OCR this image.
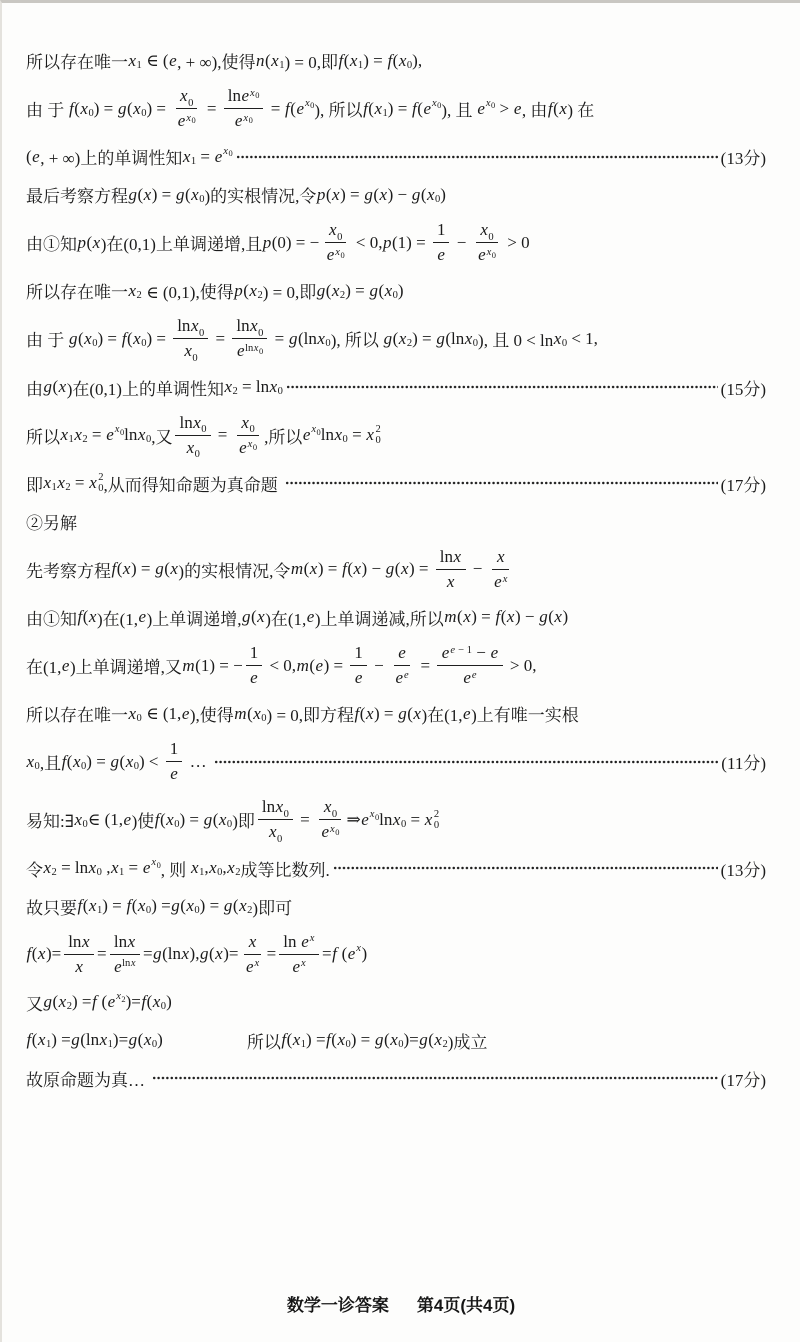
所以存在唯一 x 1 ∈ ( e , + ∞),使得 n ( x 1 ) = 0,即 f ( x 1 ) = f ( x 0 ),
由 于 f ( x 0 ) = g ( x 0 ) = $\frac{x_0}{e^{x_0}} = \frac{\ln e^{x_0}}{e^{x_0}} = f$ ( e $x_0$ ), 所以 f ( x 1 ) = f ( e $x_0$ ), 且 e $x_0 > e$ , 由 f ( x ) 在
( e , + ∞)上的单调性知 x 1 = e $x_0$	(13分)
最后考察方程 g ( x ) = g ( x 0 )的实根情况,令 p ( x ) = g ( x ) − g ( x 0 )
由①知 p ( x )在(0,1)上单调递增,且 p (0) = − $\frac{x_0}{e^{x_0}} < 0$, p $(1) = \frac{1}{e} - \frac{x_0}{e^{x_0}} > 0$
所以存在唯一 x 2 ∈ (0,1),使得 p ( x 2 ) = 0,即 g ( x 2 ) = g ( x 0 )
由 于 g ( x 0 ) = f ( x 0 ) = $\frac{\ln x_0}{x_0} = \frac{\ln x_0}{e^{lnx_0}} = g$ (ln x 0 ), 所以 g ( x 2 ) = g (ln x 0 ), 且 0 < ln x 0 < 1,
由 g ( x )在(0,1)上的单调性知 x 2 = ln x 0	(15分)
所以 x 1 x 2 = e $x_0$ ln x 0 ,又 $\frac{\ln x_0}{x_0} = \frac{x_0}{e^{x_0}}$ ,所以 e $x_0$ ln x 0 = x 2
0
即 x 1 x 2 = x 2
0 ,从而得知命题为真命题	(17分)
②另解
先考察方程 f ( x ) = g ( x )的实根情况,令 m ( x ) = f ( x ) − g ( x ) = $\frac{\ln x}{x} - \frac{x}{e^x}$
由①知 f ( x )在(1, e )上单调递增, g ( x )在(1, e )上单调递减,所以 m ( x ) = f ( x ) − g ( x )
在(1, e )上单调递增,又 m (1) = − $\frac{1}{e} < 0$, m ( e ) = $\frac{1}{e} - \frac{e}{e^e} = \frac{e^{e - 1} - e}{e^e} > 0$,
所以存在唯一 x 0 ∈ (1, e ),使得 m ( x 0 ) = 0,即方程 f ( x ) = g ( x )在(1, e )上有唯一实根
x 0 ,且 f ( x 0 ) = g ( x 0 ) < $\frac{1}{e}$ …	(11分)
易知:∃ x 0 ∈ (1, e )使 f ( x 0 ) = g ( x 0 )即 $\frac{\ln x_0}{x_0} = \frac{x_0}{e^{x_0}}$ ⇒ e $x_0$ ln x 0 = x 2
0
令 x 2 = ln x 0 , x 1 = e $x_0$ , 则 x 1 , x 0 , x 2 成等比数列.	(13分)
故只要 f ( x 1 ) = f ( x 0 ) = g ( x 0 ) = g ( x 2 )即可
f ( x )= $\frac{\ln x}{x} = \frac{\ln x}{e^{lnx}} = g$ (ln x ), g ( x )= $\frac{x}{e^x} = \frac{\ln e^x}{e^x} = f$ ( e x )
又 g ( x 2 ) = f ( e $x_2$ )= f ( x 0 )
f ( x 1 ) = g (ln x 1 )= g ( x 0 )	所以 f ( x 1 ) = f ( x 0 ) = g ( x 0 )= g ( x 2 )成立
故原命题为真…	(17分)
数学一诊答案 第4页(共4页)
